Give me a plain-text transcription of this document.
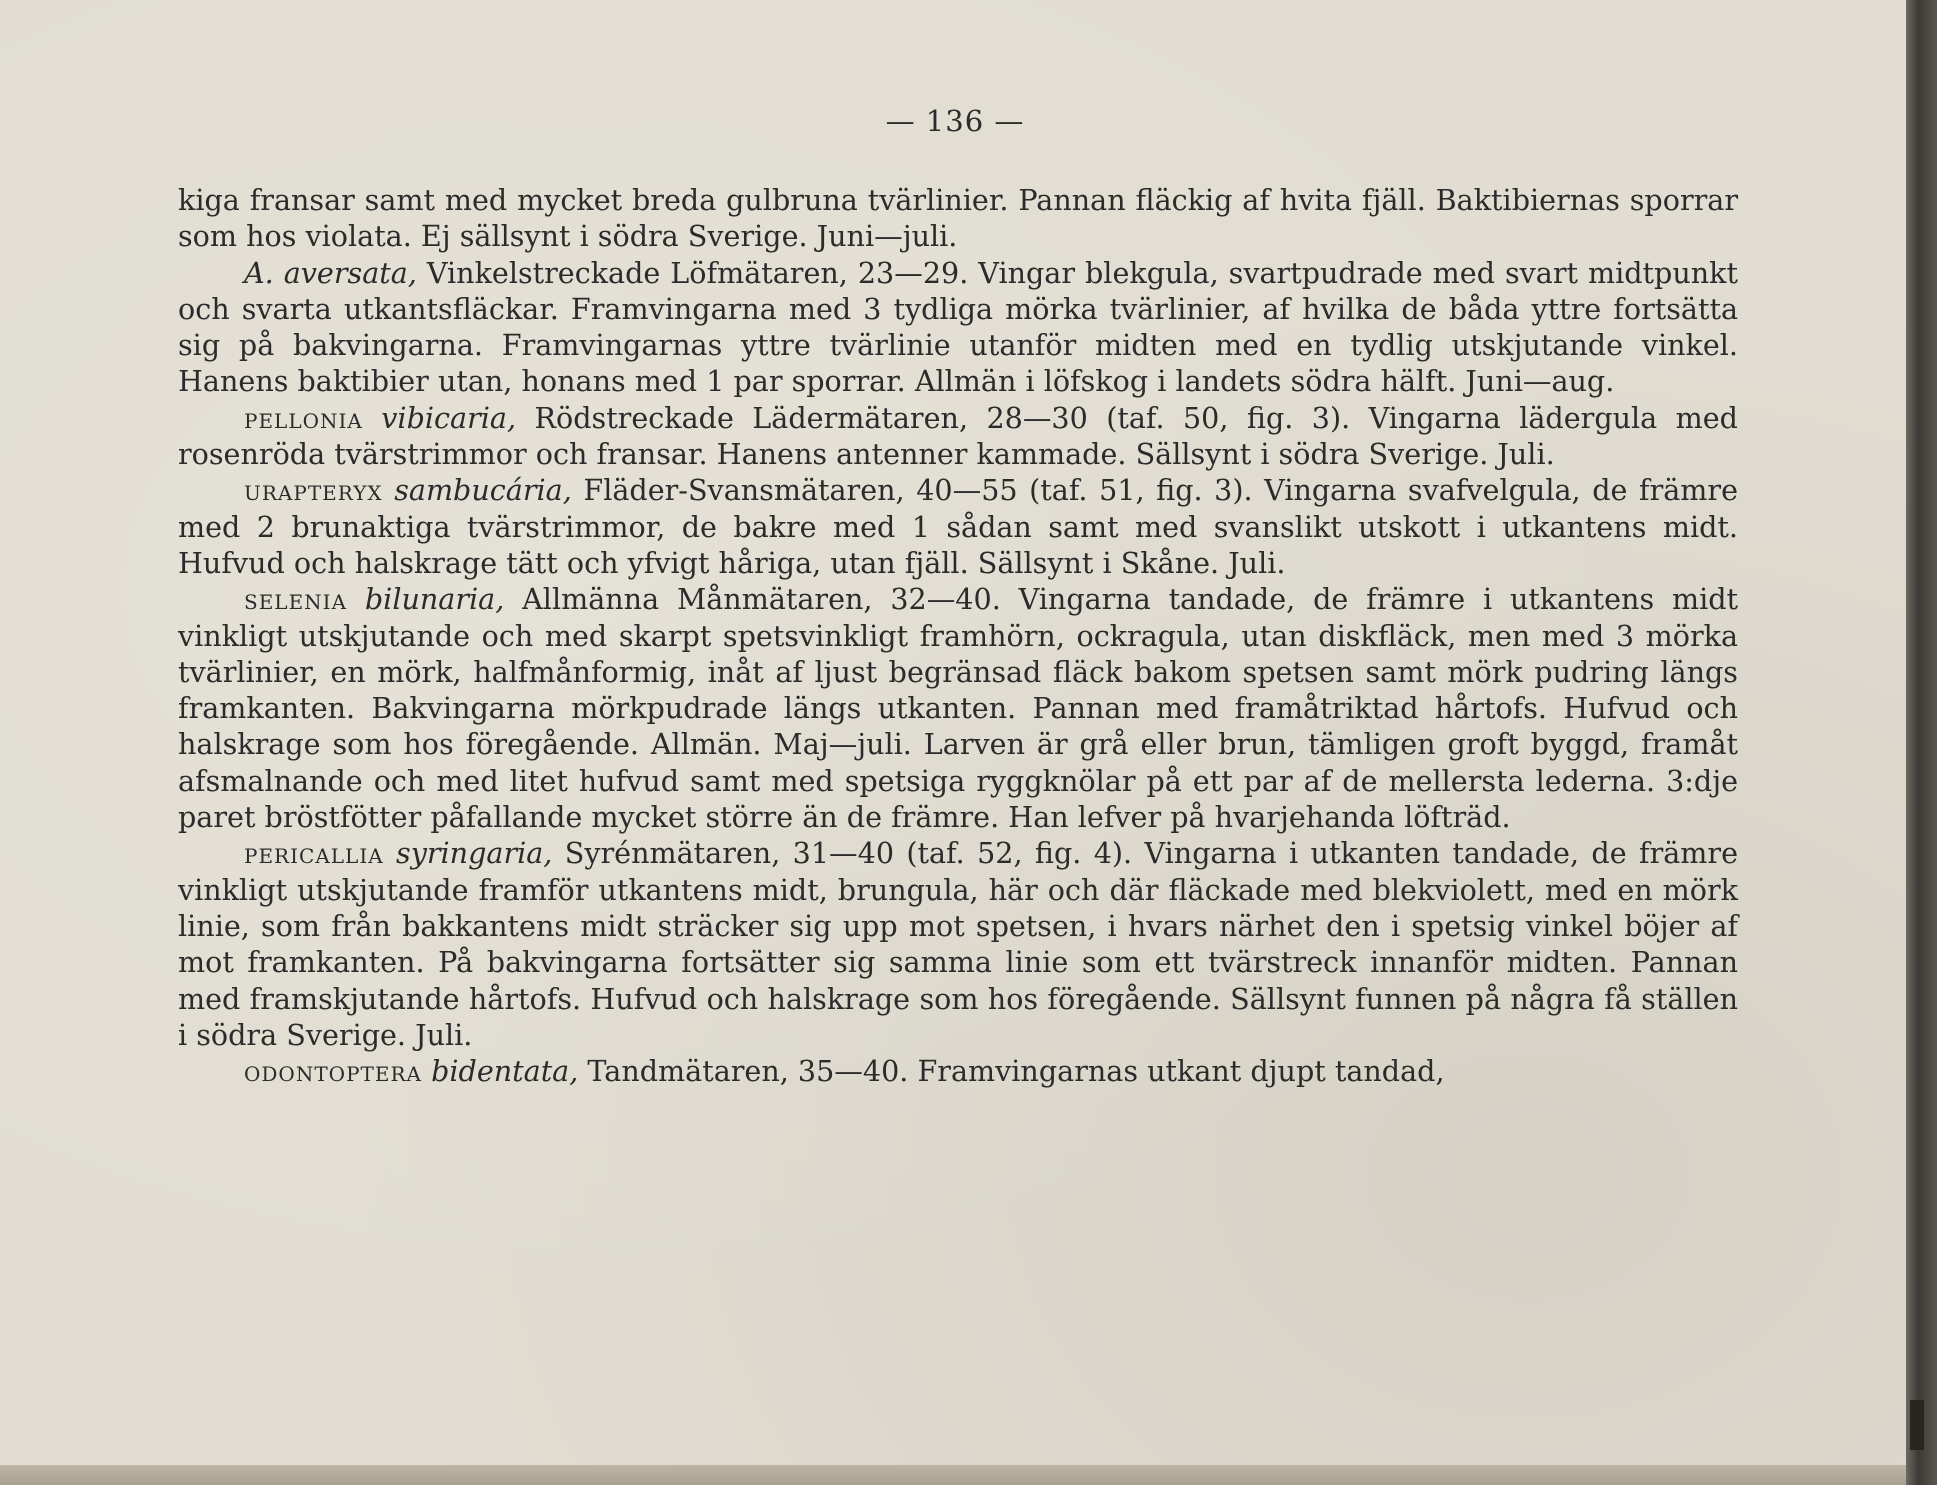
— 136 —

kiga fransar samt med mycket breda gulbruna tvärlinier. Pannan fläckig af hvita fjäll. Baktibiernas sporrar som hos violata. Ej sällsynt i södra Sverige. Juni—juli.

A. aversata, Vinkelstreckade Löfmätaren, 23—29. Vingar blekgula, svartpudrade med svart midtpunkt och svarta utkantsfläckar. Framvingarna med 3 tydliga mörka tvärlinier, af hvilka de båda yttre fortsätta sig på bakvingarna. Framvingarnas yttre tvärlinie utanför midten med en tydlig utskjutande vinkel. Hanens baktibier utan, honans med 1 par sporrar. Allmän i löfskog i landets södra hälft. Juni—aug.

pellonia vibicaria, Rödstreckade Lädermätaren, 28—30 (taf. 50, fig. 3). Vingarna lädergula med rosenröda tvärstrimmor och fransar. Hanens antenner kammade. Sällsynt i södra Sverige. Juli.

urapteryx sambucária, Fläder-Svansmätaren, 40—55 (taf. 51, fig. 3). Vingarna svafvelgula, de främre med 2 brunaktiga tvärstrimmor, de bakre med 1 sådan samt med svanslikt utskott i utkantens midt. Hufvud och halskrage tätt och yfvigt håriga, utan fjäll. Sällsynt i Skåne. Juli.

selenia bilunaria, Allmänna Månmätaren, 32—40. Vingarna tandade, de främre i utkantens midt vinkligt utskjutande och med skarpt spetsvinkligt framhörn, ockragula, utan diskfläck, men med 3 mörka tvärlinier, en mörk, halfmånformig, inåt af ljust begränsad fläck bakom spetsen samt mörk pudring längs framkanten. Bakvingarna mörkpudrade längs utkanten. Pannan med framåtriktad hårtofs. Hufvud och halskrage som hos föregående. Allmän. Maj—juli. Larven är grå eller brun, tämligen groft byggd, framåt afsmalnande och med litet hufvud samt med spetsiga ryggknölar på ett par af de mellersta lederna. 3:dje paret bröstfötter påfallande mycket större än de främre. Han lefver på hvarjehanda löfträd.

pericallia syringaria, Syrénmätaren, 31—40 (taf. 52, fig. 4). Vingarna i utkanten tandade, de främre vinkligt utskjutande framför utkantens midt, brungula, här och där fläckade med blekviolett, med en mörk linie, som från bakkantens midt sträcker sig upp mot spetsen, i hvars närhet den i spetsig vinkel böjer af mot framkanten. På bakvingarna fortsätter sig samma linie som ett tvärstreck innanför midten. Pannan med framskjutande hårtofs. Hufvud och halskrage som hos föregående. Sällsynt funnen på några få ställen i södra Sverige. Juli.

odontoptera bidentata, Tandmätaren, 35—40. Framvingarnas utkant djupt tandad,
